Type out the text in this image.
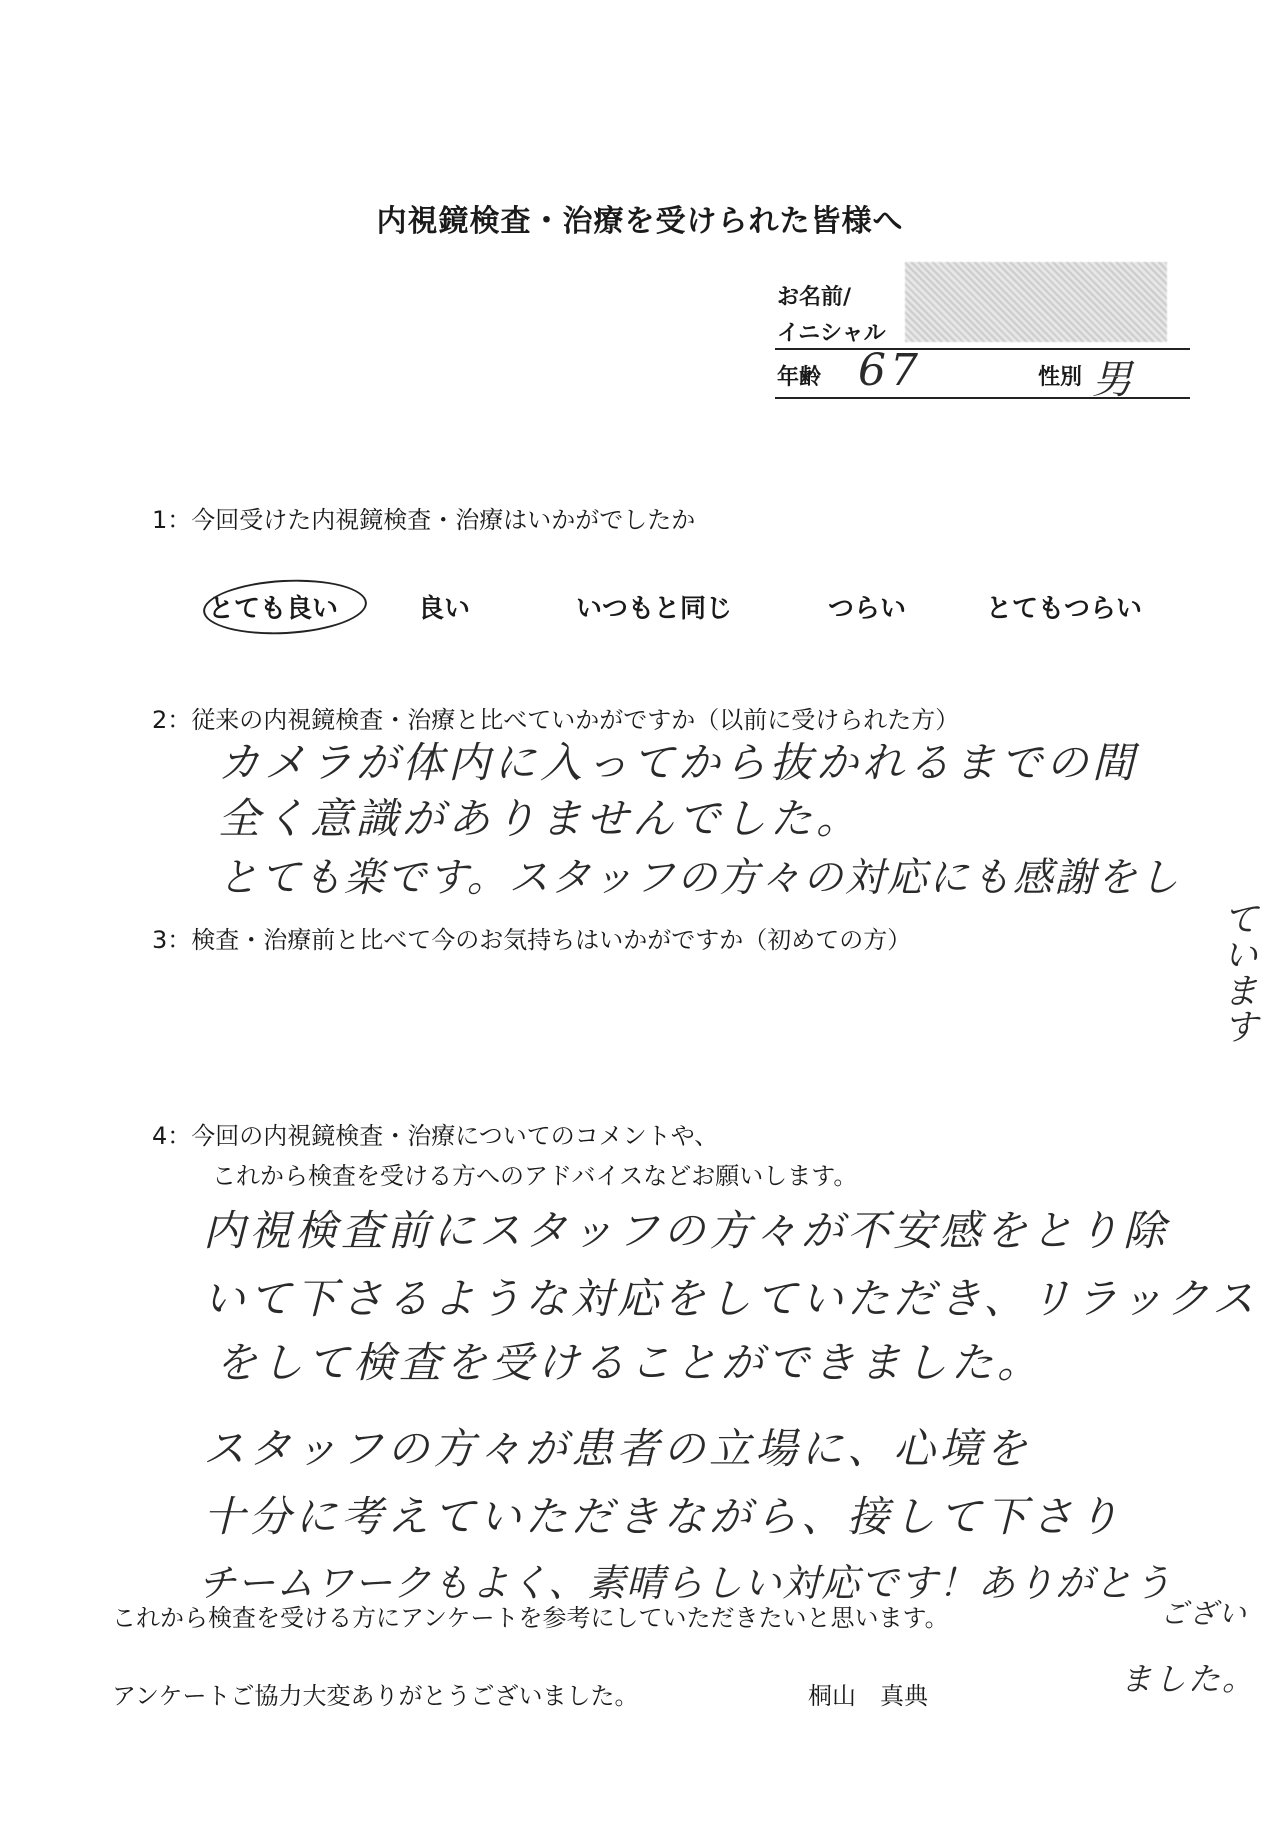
内視鏡検査・治療を受けられた皆様へ
お名前/
イニシャル
年齢 67	性別 男
1：今回受けた内視鏡検査・治療はいかがでしたか
とても良い	良い	いつもと同じ	つらい	とてもつらい
2：従来の内視鏡検査・治療と比べていかがですか（以前に受けられた方）
カメラが体内に入ってから抜かれるまでの間
全く意識がありませんでした。
とても楽です。スタッフの方々の対応にも感謝をし
3：検査・治療前と比べて今のお気持ちはいかがですか（初めての方）	ています
4：今回の内視鏡検査・治療についてのコメントや、
これから検査を受ける方へのアドバイスなどお願いします。
内視検査前にスタッフの方々が不安感をとり除
いて下さるような対応をしていただき、リラックス
をして検査を受けることができました。
スタッフの方々が患者の立場に、心境を
十分に考えていただきながら、接して下さり
チームワークもよく、素晴らしい対応です！ありがとう
ござい
ました。
これから検査を受ける方にアンケートを参考にしていただきたいと思います。
アンケートご協力大変ありがとうございました。	桐山　真典
